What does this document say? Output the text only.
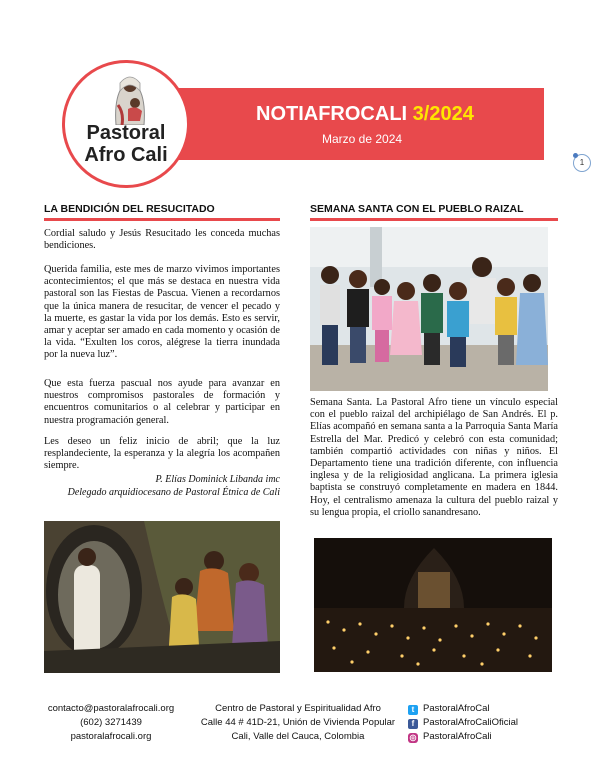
NOTIAFROCALI 3/2024
Marzo de 2024
Pastoral
Afro Cali	1
LA BENDICIÓN DEL RESUCITADO
Cordial saludo y Jesús Resucitado les conceda muchas bendiciones.
Querida familia, este mes de marzo vivimos importantes acontecimientos; el que más se destaca en nuestra vida pastoral son las Fiestas de Pascua. Vienen a recordarnos que la única manera de resucitar, de vencer el pecado y la muerte, es gastar la vida por los demás. Esto es servir, amar y aceptar ser amado en cada momento y ocasión de la vida. “Exulten los coros, alégrese la tierra inundada por la nueva luz”.
Que esta fuerza pascual nos ayude para avanzar en nuestros compromisos pastorales de formación y encuentros comunitarios o al celebrar y participar en nuestra programación general.
Les deseo un feliz inicio de abril; que la luz resplandeciente, la esperanza y la alegría los acompañen siempre.
P. Elías Dominick Libanda imc
Delegado arquidiocesano de Pastoral Étnica de Cali
SEMANA SANTA CON EL PUEBLO RAIZAL
Semana Santa. La Pastoral Afro tiene un vínculo especial con el pueblo raizal del archipiélago de San Andrés. El p. Elías acompañó en semana santa a la Parroquia Santa María Estrella del Mar. Predicó y celebró con esta comunidad; también compartió actividades con niñas y niños. El Departamento tiene una tradición diferente, con influencia inglesa y de la religiosidad anglicana. La primera iglesia baptista se construyó completamente en madera en 1844. Hoy, el centralismo amenaza la cultura del pueblo raizal y su lengua propia, el criollo sanandresano.
contacto@pastoralafrocali.org
(602) 3271439
pastoralafrocali.org
Centro de Pastoral y Espiritualidad Afro
Calle 44 # 41D-21, Unión de Vivienda Popular
Cali, Valle del Cauca, Colombia
t PastoralAfroCal
f PastoralAfroCaliOficial
◎ PastoralAfroCali
